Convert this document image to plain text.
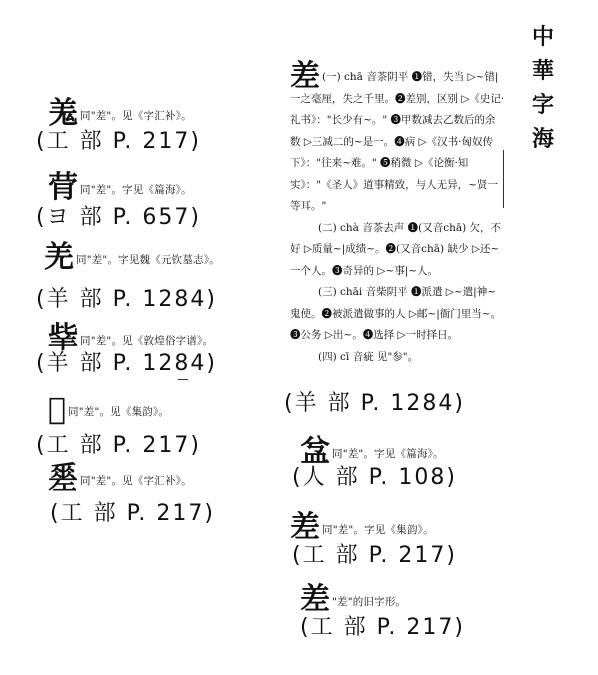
中
華
字
海
羗同"差"。见《字汇补》。
(工 部 P. 217)
䒿同"差"。字见《篇海》。
(ヨ 部 P. 657)
羌同"差"。字见魏《元钦墓志》。
(羊 部 P. 1284)
𦍧同"差"。见《敦煌俗字谱》。
(羊 部 P. 1284)
𢀤同"差"。见《集韵》。
(工 部 P. 217)
𢀩同"差"。见《字汇补》。
(工 部 P. 217)

差 (一) chā 音茶阴平 ❶错，失当 ▷~错|一之毫厘，失之千里。❷差别，区别 ▷《史记·礼书》："长少有~。" ❸甲数减去乙数后的余数 ▷三减二的~是一。❹病 ▷《汉书·匈奴传下》："往来~难。" ❺稍微 ▷《论衡·知实》："《圣人》道事精致，与人无异，~贤一等耳。"

(二) chà 音茶去声 ❶(又音chā) 欠，不好 ▷质量~|成绩~。❷(又音chā) 缺少 ▷还~一个人。❸奇异的 ▷~事|~人。

(三) chāi 音柴阴平 ❶派遣 ▷~遣|神~鬼使。❷被派遣做事的人 ▷邮~|衙门里当~。❸公务 ▷出~。❹选择 ▷一时择日。

(四) cī 音疵 见"参"。

(羊 部 P. 1284)
㿽同"差"。字见《篇海》。
(人 部 P. 108)
差同"差"。字见《集韵》。
(工 部 P. 217)
差 "差"的旧字形。
(工 部 P. 217)
